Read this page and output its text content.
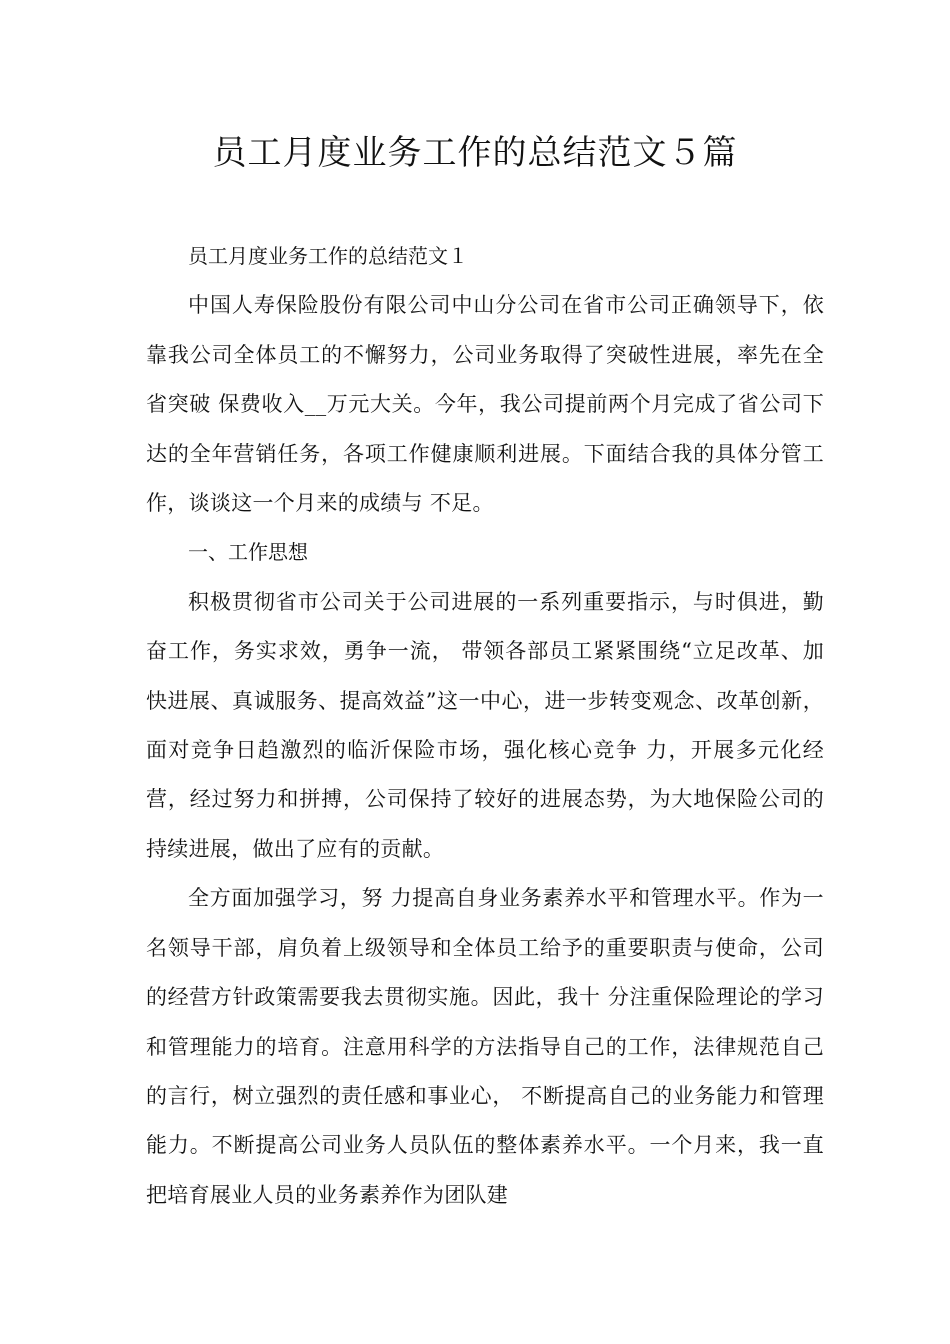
员工月度业务工作的总结范文５篇

员工月度业务工作的总结范文１

中国人寿保险股份有限公司中山分公司在省市公司正确领导下，依靠我公司全体员工的不懈努力，公司业务取得了突破性进展，率先在全省突破 保费收入__万元大关。今年，我公司提前两个月完成了省公司下达的全年营销任务，各项工作健康顺利进展。下面结合我的具体分管工作，谈谈这一个月来的成绩与 不足。

一、工作思想

积极贯彻省市公司关于公司进展的一系列重要指示，与时俱进，勤奋工作，务实求效，勇争一流， 带领各部员工紧紧围绕“立足改革、加快进展、真诚服务、提高效益”这一中心，进一步转变观念、改革创新，面对竞争日趋激烈的临沂保险市场，强化核心竞争 力，开展多元化经营，经过努力和拼搏，公司保持了较好的进展态势，为大地保险公司的持续进展，做出了应有的贡献。

全方面加强学习，努 力提高自身业务素养水平和管理水平。作为一名领导干部，肩负着上级领导和全体员工给予的重要职责与使命，公司的经营方针政策需要我去贯彻实施。因此，我十 分注重保险理论的学习和管理能力的培育。注意用科学的方法指导自己的工作，法律规范自己的言行，树立强烈的责任感和事业心， 不断提高自己的业务能力和管理能力。不断提高公司业务人员队伍的整体素养水平。一个月来，我一直把培育展业人员的业务素养作为团队建
